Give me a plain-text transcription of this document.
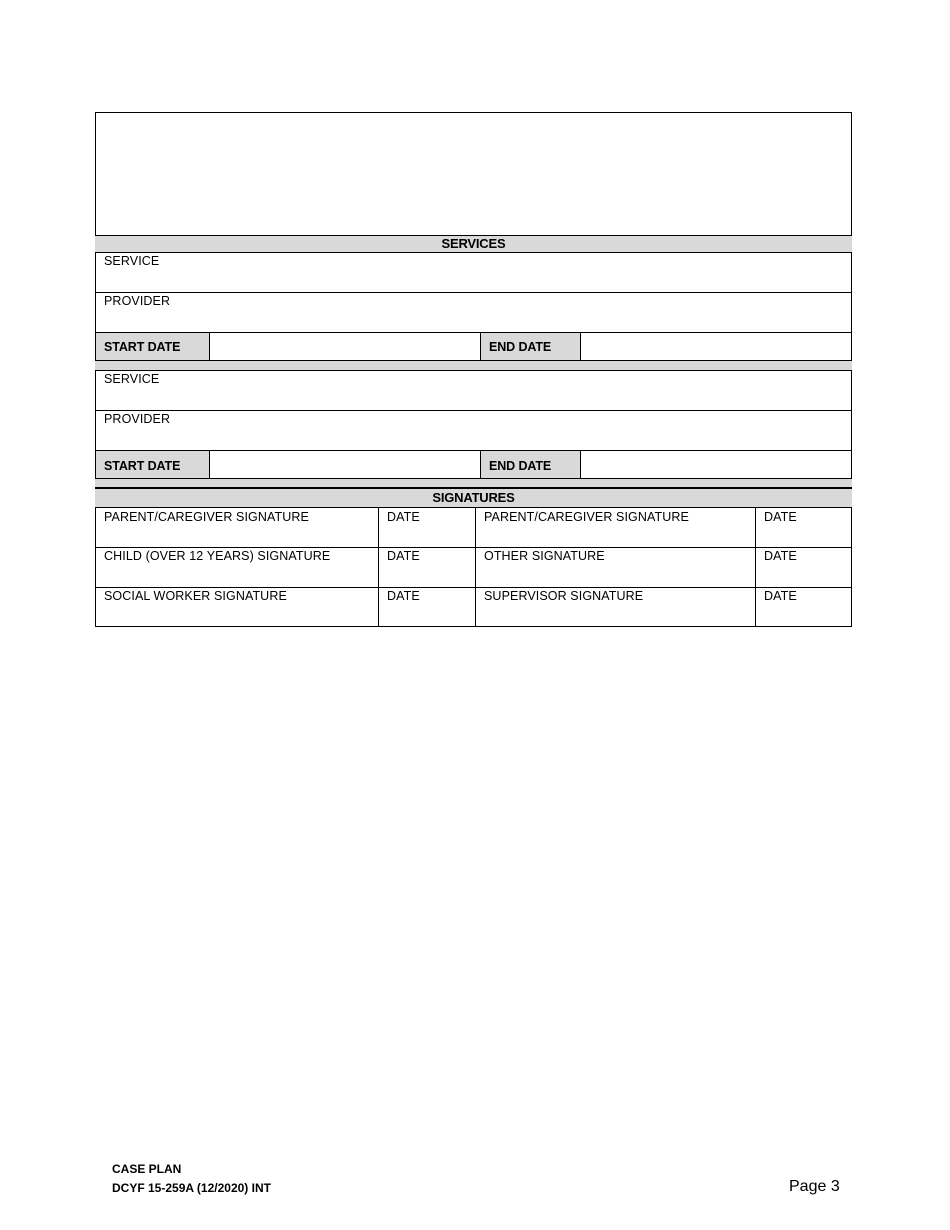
SERVICES
SERVICE
PROVIDER
START DATE	END DATE
SERVICE
PROVIDER
START DATE	END DATE
SIGNATURES
PARENT/CAREGIVER SIGNATURE	DATE	PARENT/CAREGIVER SIGNATURE	DATE
CHILD (OVER 12 YEARS) SIGNATURE	DATE	OTHER SIGNATURE	DATE
SOCIAL WORKER SIGNATURE	DATE	SUPERVISOR SIGNATURE	DATE
CASE PLAN
DCYF 15-259A (12/2020) INT	Page 3
